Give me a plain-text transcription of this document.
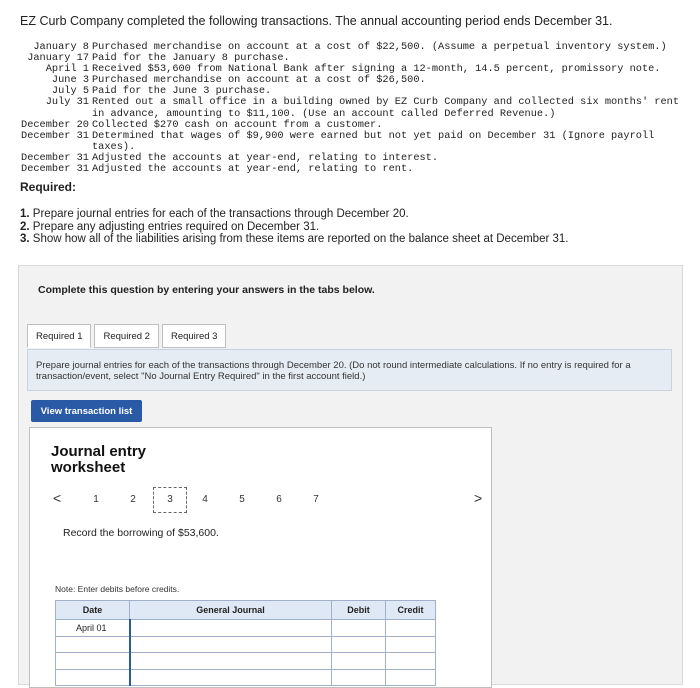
EZ Curb Company completed the following transactions. The annual accounting period ends December 31.
January 8 Purchased merchandise on account at a cost of $22,500. (Assume a perpetual inventory system.)
January 17 Paid for the January 8 purchase.
April 1 Received $53,600 from National Bank after signing a 12-month, 14.5 percent, promissory note.
June 3 Purchased merchandise on account at a cost of $26,500.
July 5 Paid for the June 3 purchase.
July 31 Rented out a small office in a building owned by EZ Curb Company and collected six months' rent in advance, amounting to $11,100. (Use an account called Deferred Revenue.)
December 20 Collected $270 cash on account from a customer.
December 31 Determined that wages of $9,900 were earned but not yet paid on December 31 (Ignore payroll taxes).
December 31 Adjusted the accounts at year-end, relating to interest.
December 31 Adjusted the accounts at year-end, relating to rent.
Required:
1. Prepare journal entries for each of the transactions through December 20.
2. Prepare any adjusting entries required on December 31.
3. Show how all of the liabilities arising from these items are reported on the balance sheet at December 31.
Complete this question by entering your answers in the tabs below.
Required 1	Required 2	Required 3
Prepare journal entries for each of the transactions through December 20. (Do not round intermediate calculations. If no entry is required for a transaction/event, select "No Journal Entry Required" in the first account field.)
View transaction list
Journal entry
worksheet
<	1	2	3	4	5	6	7	>
Record the borrowing of $53,600.
Note: Enter debits before credits.
Date	General Journal	Debit	Credit
April 01			
